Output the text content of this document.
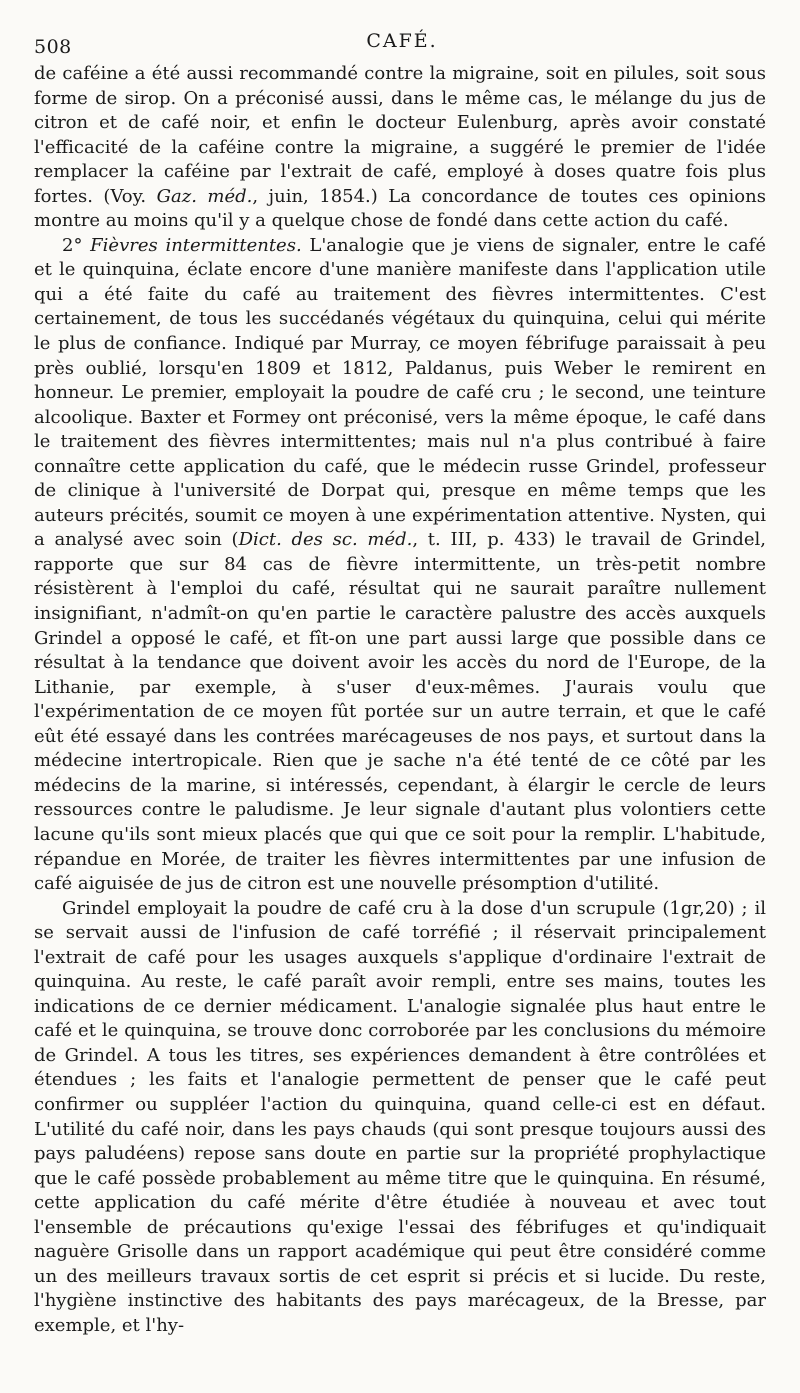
508	CAFÉ.

de caféine a été aussi recommandé contre la migraine, soit en pilules, soit sous forme de sirop. On a préconisé aussi, dans le même cas, le mélange du jus de citron et de café noir, et enfin le docteur Eulenburg, après avoir constaté l'efficacité de la caféine contre la migraine, a suggéré le premier de l'idée remplacer la caféine par l'extrait de café, employé à doses quatre fois plus fortes. (Voy. Gaz. méd., juin, 1854.) La concordance de toutes ces opinions montre au moins qu'il y a quelque chose de fondé dans cette action du café.

2° Fièvres intermittentes. L'analogie que je viens de signaler, entre le café et le quinquina, éclate encore d'une manière manifeste dans l'application utile qui a été faite du café au traitement des fièvres intermittentes. C'est certainement, de tous les succédanés végétaux du quinquina, celui qui mérite le plus de confiance. Indiqué par Murray, ce moyen fébrifuge paraissait à peu près oublié, lorsqu'en 1809 et 1812, Paldanus, puis Weber le remirent en honneur. Le premier, employait la poudre de café cru ; le second, une teinture alcoolique. Baxter et Formey ont préconisé, vers la même époque, le café dans le traitement des fièvres intermittentes; mais nul n'a plus contribué à faire connaître cette application du café, que le médecin russe Grindel, professeur de clinique à l'université de Dorpat qui, presque en même temps que les auteurs précités, soumit ce moyen à une expérimentation attentive. Nysten, qui a analysé avec soin (Dict. des sc. méd., t. III, p. 433) le travail de Grindel, rapporte que sur 84 cas de fièvre intermittente, un très-petit nombre résistèrent à l'emploi du café, résultat qui ne saurait paraître nullement insignifiant, n'admît-on qu'en partie le caractère palustre des accès auxquels Grindel a opposé le café, et fît-on une part aussi large que possible dans ce résultat à la tendance que doivent avoir les accès du nord de l'Europe, de la Lithanie, par exemple, à s'user d'eux-mêmes. J'aurais voulu que l'expérimentation de ce moyen fût portée sur un autre terrain, et que le café eût été essayé dans les contrées marécageuses de nos pays, et surtout dans la médecine intertropicale. Rien que je sache n'a été tenté de ce côté par les médecins de la marine, si intéressés, cependant, à élargir le cercle de leurs ressources contre le paludisme. Je leur signale d'autant plus volontiers cette lacune qu'ils sont mieux placés que qui que ce soit pour la remplir. L'habitude, répandue en Morée, de traiter les fièvres intermittentes par une infusion de café aiguisée de jus de citron est une nouvelle présomption d'utilité.

Grindel employait la poudre de café cru à la dose d'un scrupule (1gr,20) ; il se servait aussi de l'infusion de café torréfié ; il réservait principalement l'extrait de café pour les usages auxquels s'applique d'ordinaire l'extrait de quinquina. Au reste, le café paraît avoir rempli, entre ses mains, toutes les indications de ce dernier médicament. L'analogie signalée plus haut entre le café et le quinquina, se trouve donc corroborée par les conclusions du mémoire de Grindel. A tous les titres, ses expériences demandent à être contrôlées et étendues ; les faits et l'analogie permettent de penser que le café peut confirmer ou suppléer l'action du quinquina, quand celle-ci est en défaut. L'utilité du café noir, dans les pays chauds (qui sont presque toujours aussi des pays paludéens) repose sans doute en partie sur la propriété prophylactique que le café possède probablement au même titre que le quinquina. En résumé, cette application du café mérite d'être étudiée à nouveau et avec tout l'ensemble de précautions qu'exige l'essai des fébrifuges et qu'indiquait naguère Grisolle dans un rapport académique qui peut être considéré comme un des meilleurs travaux sortis de cet esprit si précis et si lucide. Du reste, l'hygiène instinctive des habitants des pays marécageux, de la Bresse, par exemple, et l'hy-
